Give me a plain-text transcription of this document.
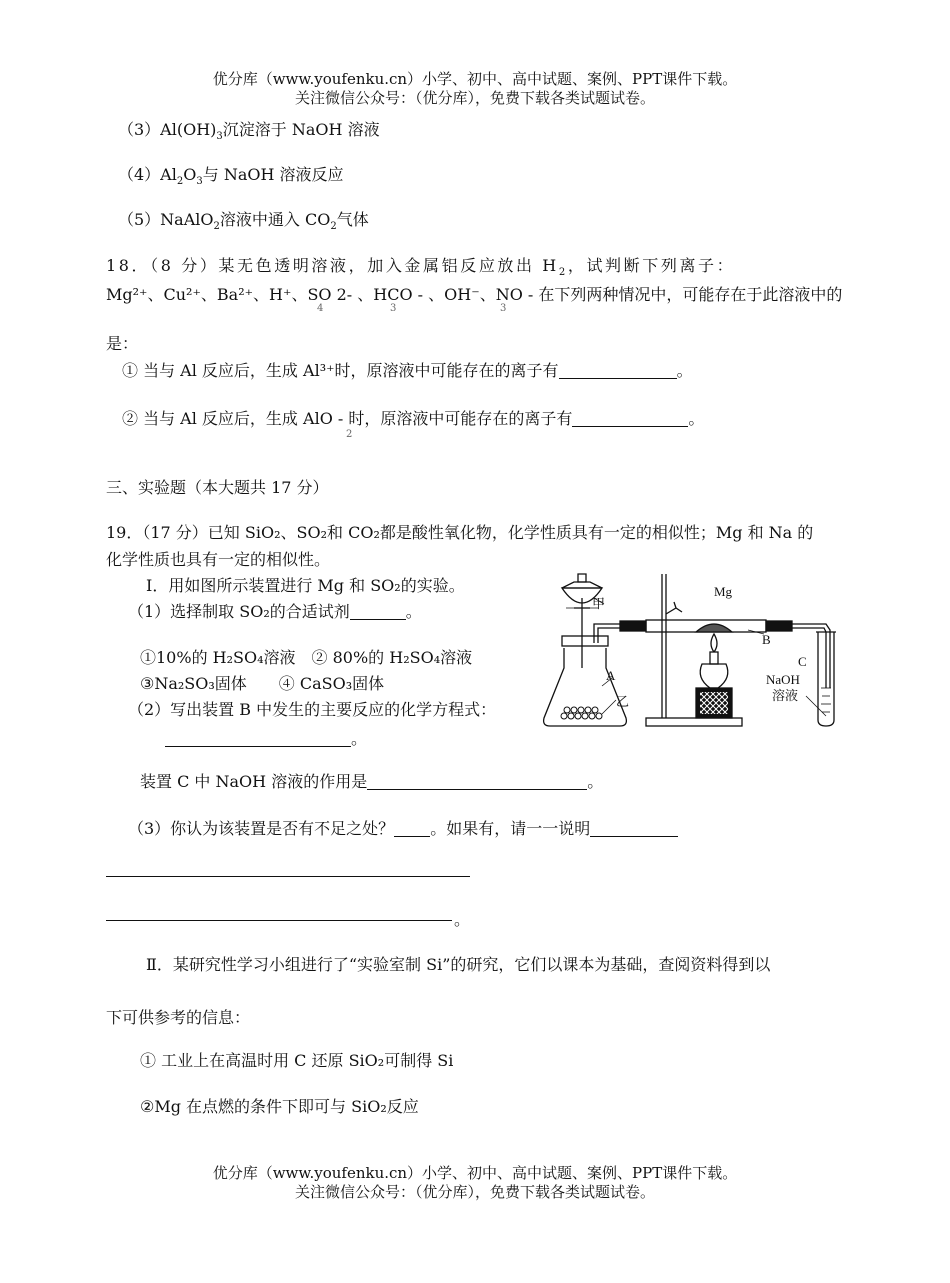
优分库（www.youfenku.cn）小学、初中、高中试题、案例、PPT课件下载。
关注微信公众号：（优分库），免费下载各类试题试卷。
$(3)Al(OH)_3$沉淀溶于 NaOH 溶液
$(4)Al_2O_3$与 NaOH 溶液反应
（5）NaAlO$_2$溶液中通入 $CO_2$气体
18．（8 分）某无色透明溶液，加入金属铝反应放出 $H_2$，试判断下列离子：
Mg²⁺、Cu²⁺、Ba²⁺、H⁺、SO 2- 、HCO - 、OH⁻、NO - 在下列两种情况中，可能存在于此溶液中的
4	3	3
是：
① 当与 Al 反应后，生成 Al³⁺时，原溶液中可能存在的离子有	。
② 当与 Al 反应后，生成 AlO - 时，原溶液中可能存在的离子有	。
2
三、实验题（本大题共 17 分）
19．（17 分）已知 SiO₂、SO₂和 CO₂都是酸性氧化物，化学性质具有一定的相似性；Mg 和 Na 的
化学性质也具有一定的相似性。
Ⅰ．用如图所示装置进行 Mg 和 SO₂的实验。
（1）选择制取 SO₂的合适试剂	。
①10%的 H₂SO₄溶液　② 80%的 H₂SO₄溶液
③Na₂SO₃固体　　④ CaSO₃固体
（2）写出装置 B 中发生的主要反应的化学方程式：
。
装置 C 中 NaOH 溶液的作用是	。
（3）你认为该装置是否有不足之处？ 。如果有，请一一说明
。
Ⅱ．某研究性学习小组进行了“实验室制 Si”的研究，它们以课本为基础，查阅资料得到以
下可供参考的信息：
① 工业上在高温时用 C 还原 SiO₂可制得 Si
②Mg 在点燃的条件下即可与 SiO₂反应
甲
Mg
B
A
乙
C
NaOH
溶液
优分库（www.youfenku.cn）小学、初中、高中试题、案例、PPT课件下载。
关注微信公众号：（优分库），免费下载各类试题试卷。
